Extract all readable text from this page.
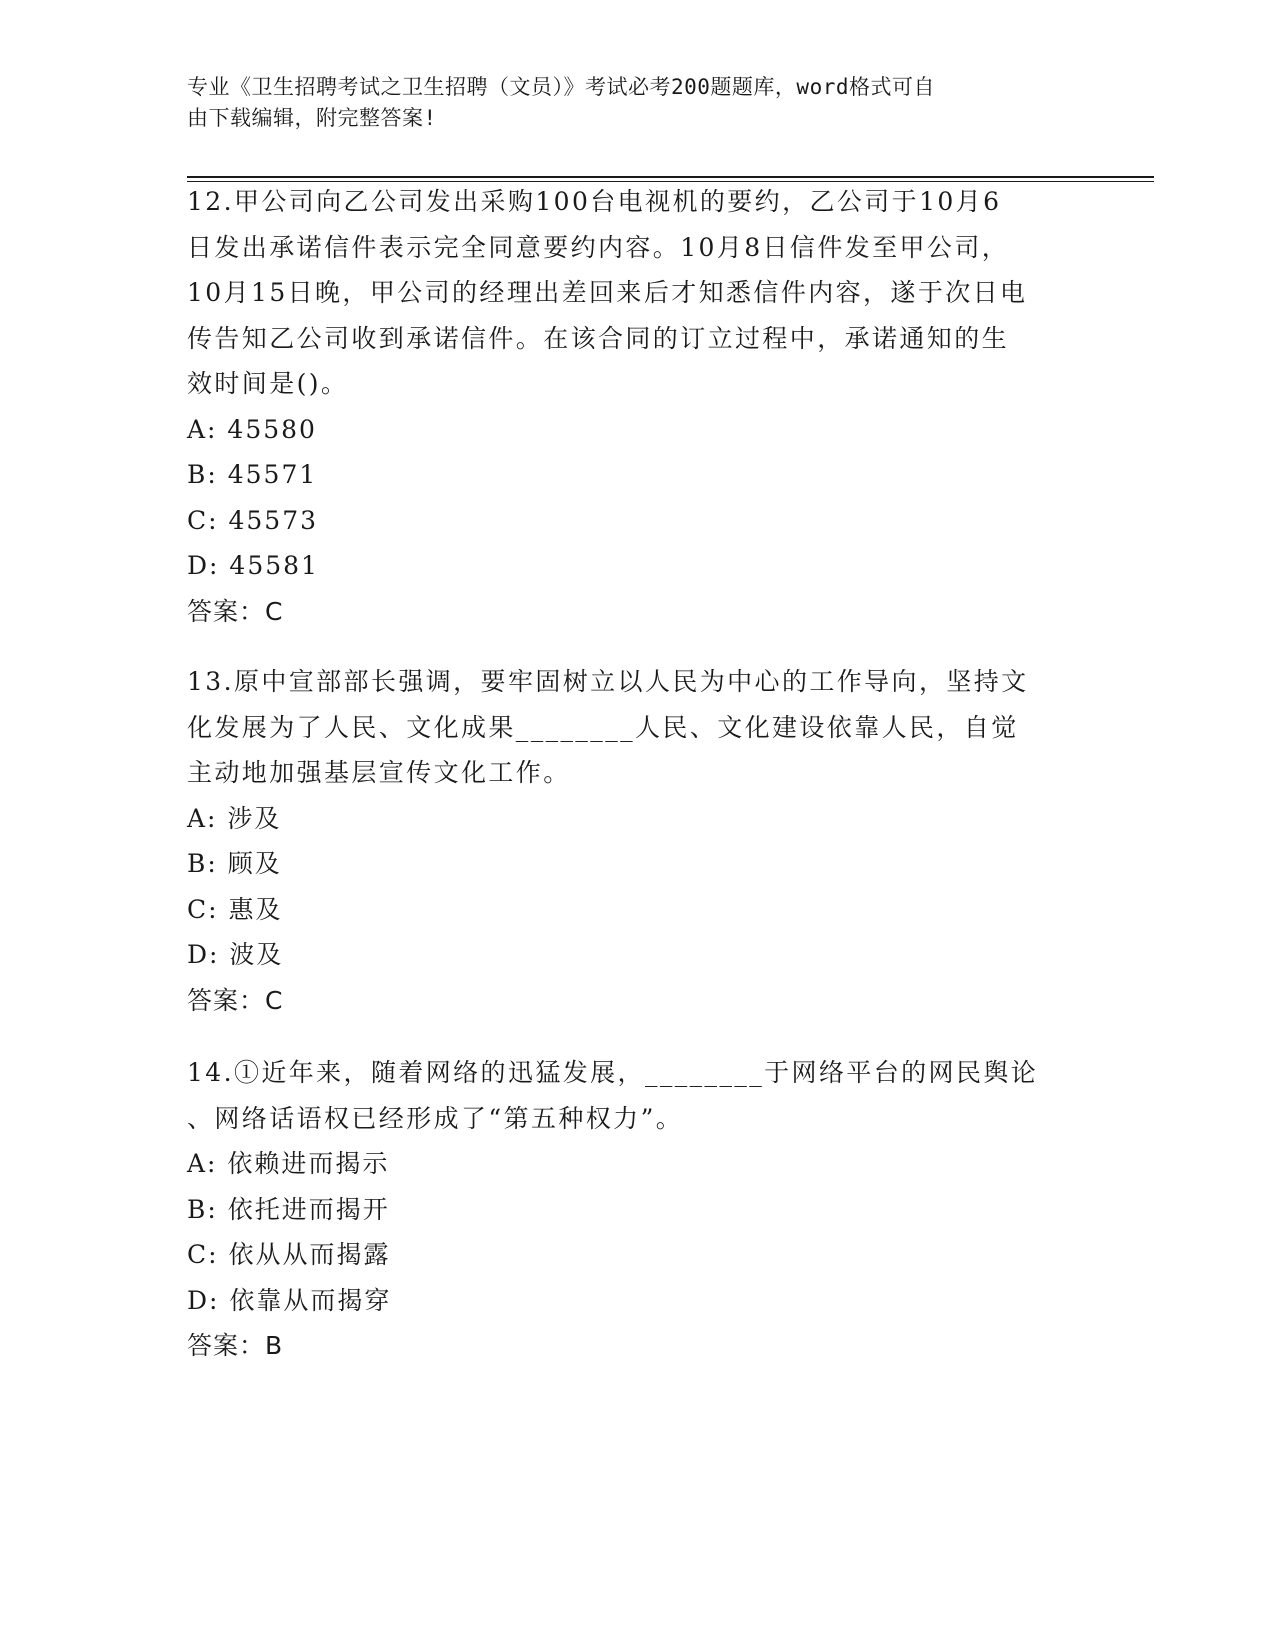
专业《卫生招聘考试之卫生招聘（文员）》考试必考200题题库，word格式可自
由下载编辑，附完整答案!

12.甲公司向乙公司发出采购100台电视机的要约，乙公司于10月6
日发出承诺信件表示完全同意要约内容。10月8日信件发至甲公司，
10月15日晚，甲公司的经理出差回来后才知悉信件内容，遂于次日电
传告知乙公司收到承诺信件。在该合同的订立过程中，承诺通知的生
效时间是()。

A: 45580

B: 45571

C: 45573

D: 45581

答案：C

13.原中宣部部长强调，要牢固树立以人民为中心的工作导向，坚持文
化发展为了人民、文化成果________人民、文化建设依靠人民，自觉
主动地加强基层宣传文化工作。

A: 涉及

B: 顾及

C: 惠及

D: 波及

答案：C

14.①近年来，随着网络的迅猛发展，________于网络平台的网民舆论
、网络话语权已经形成了“第五种权力”。

A: 依赖进而揭示

B: 依托进而揭开

C: 依从从而揭露

D: 依靠从而揭穿

答案：B
